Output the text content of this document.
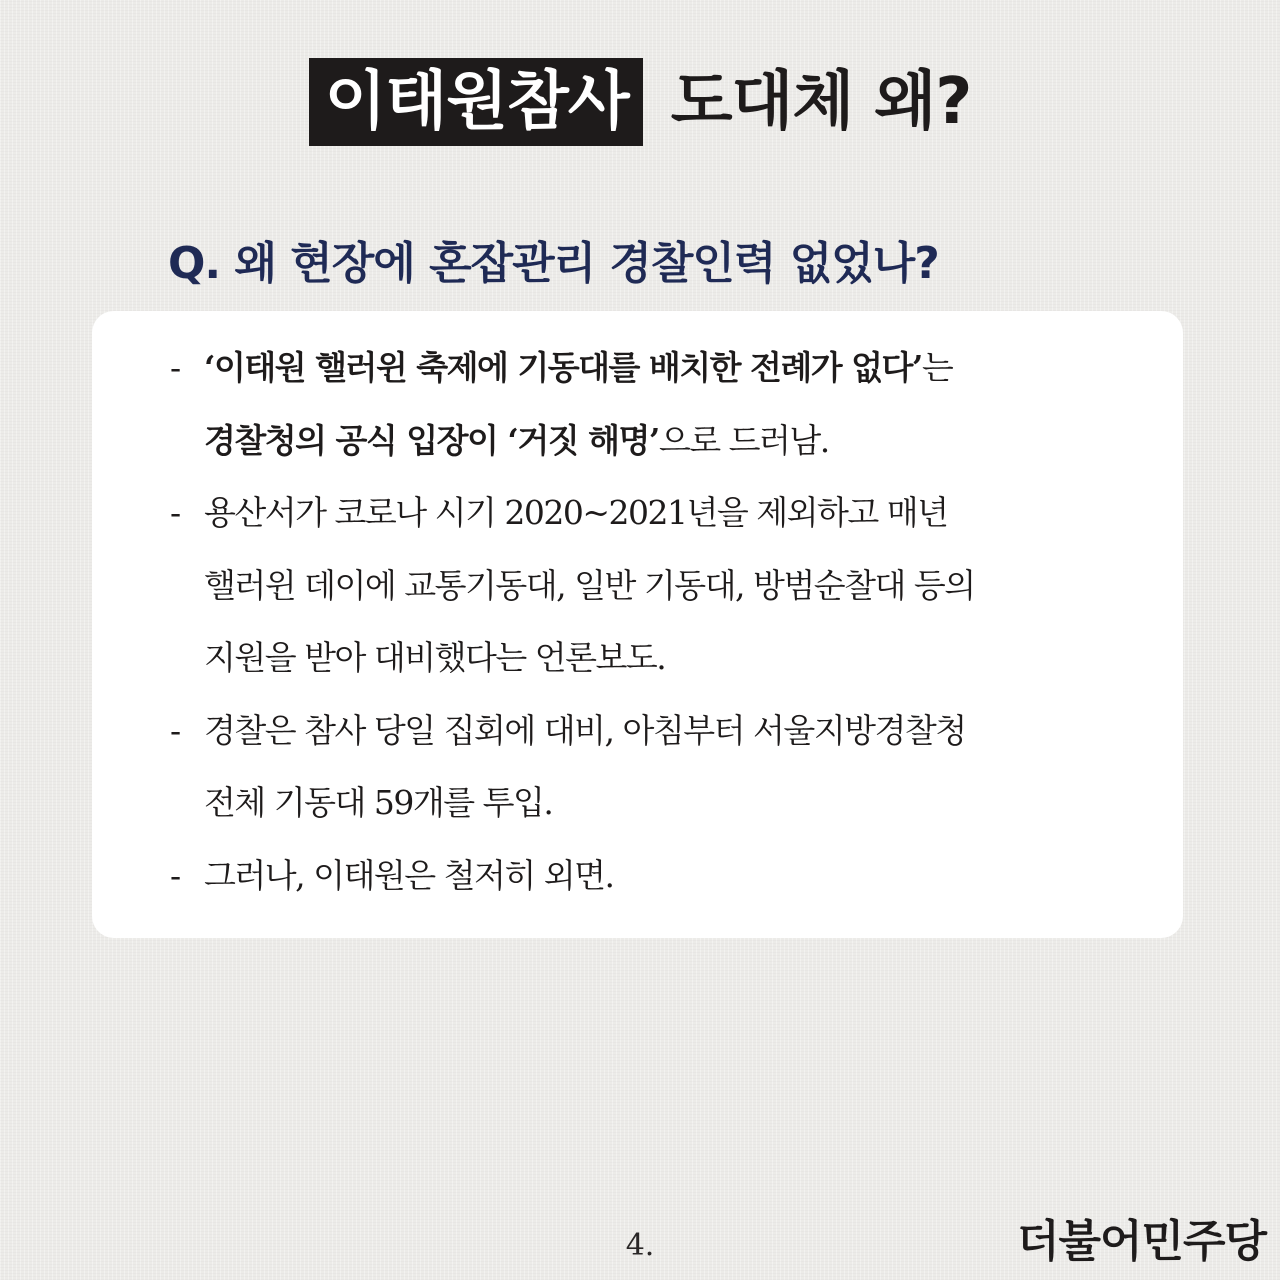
이태원참사 도대체 왜?
Q. 왜 현장에 혼잡관리 경찰인력 없었나?
- ‘이태원 핼러윈 축제에 기동대를 배치한 전례가 없다’는
경찰청의 공식 입장이 ‘거짓 해명’으로 드러남.
- 용산서가 코로나 시기 2020~2021년을 제외하고 매년
핼러윈 데이에 교통기동대, 일반 기동대, 방범순찰대 등의
지원을 받아 대비했다는 언론보도.
- 경찰은 참사 당일 집회에 대비, 아침부터 서울지방경찰청
전체 기동대 59개를 투입.
- 그러나, 이태원은 철저히 외면.
4.	더불어민주당
